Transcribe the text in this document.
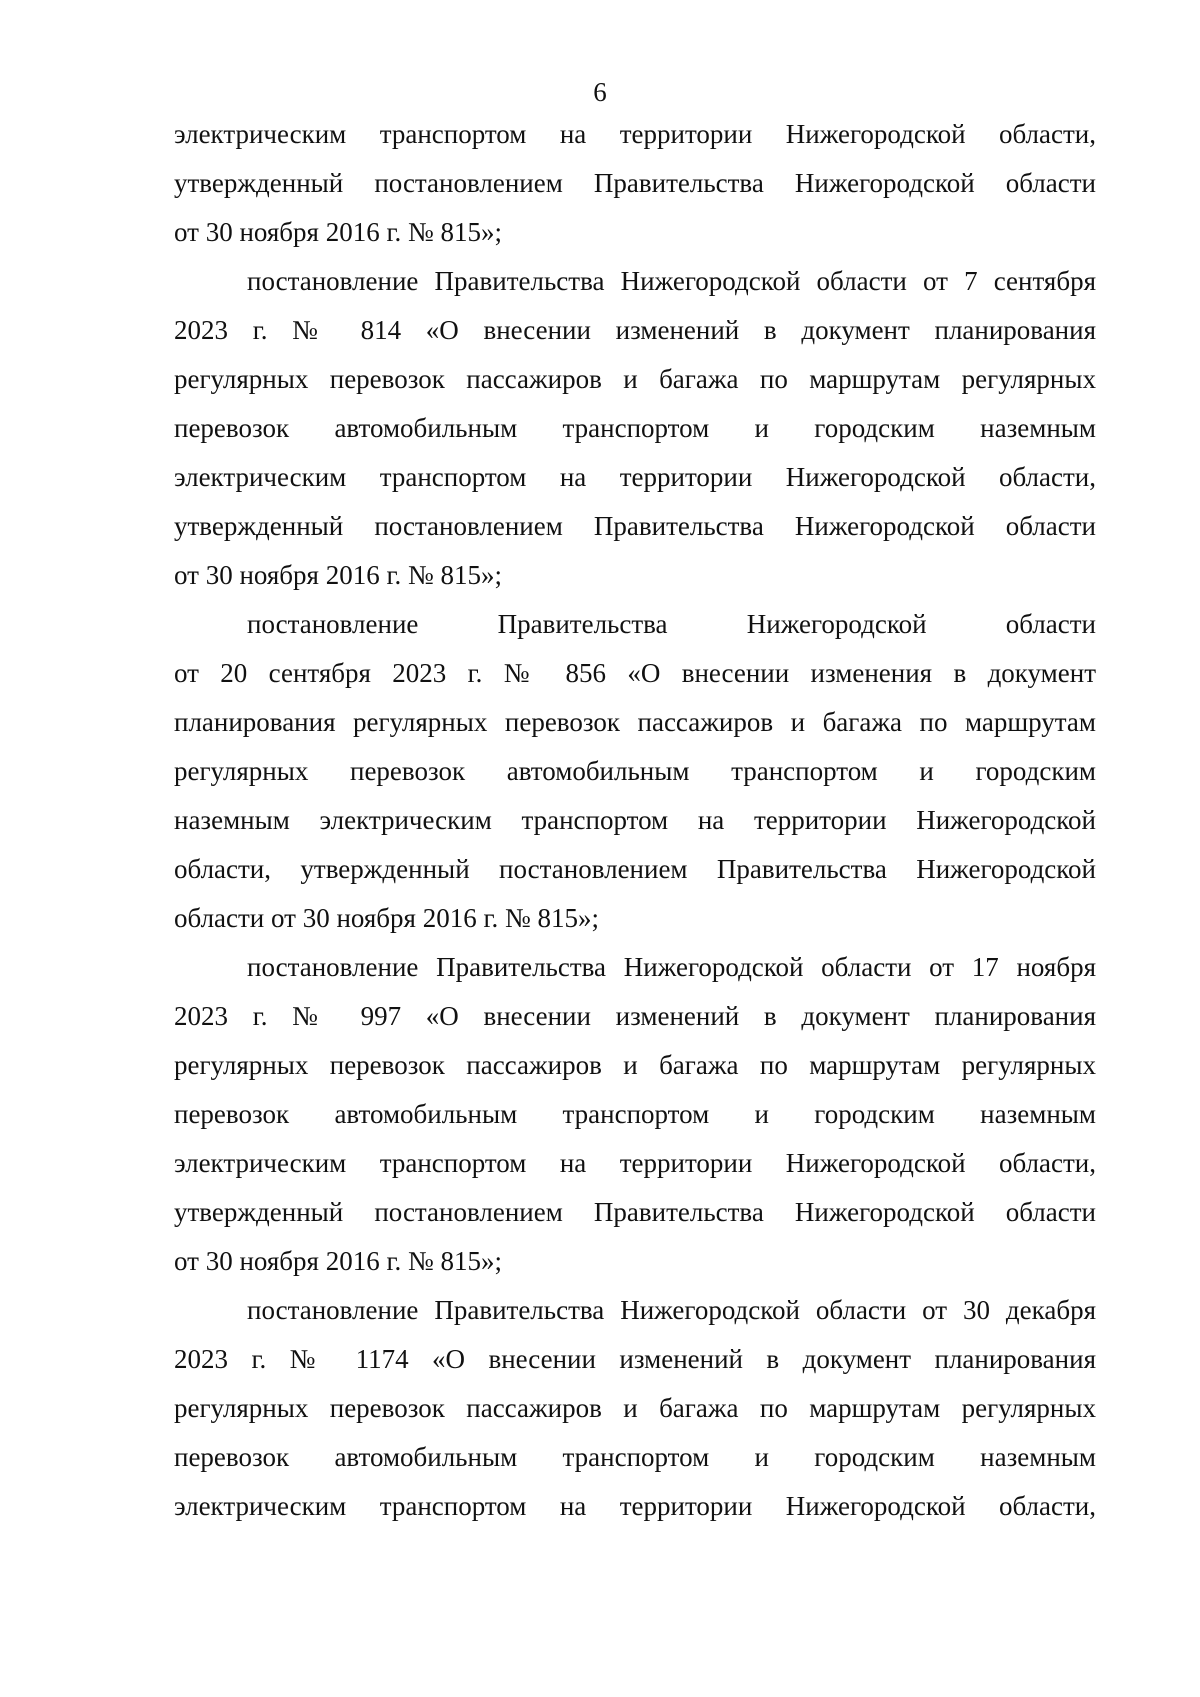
6
электрическим транспортом на территории Нижегородской области,
утвержденный постановлением Правительства Нижегородской области
от 30 ноября 2016 г. № 815»;
постановление Правительства Нижегородской области от 7 сентября
2023 г. № 814 «О внесении изменений в документ планирования
регулярных перевозок пассажиров и багажа по маршрутам регулярных
перевозок автомобильным транспортом и городским наземным
электрическим транспортом на территории Нижегородской области,
утвержденный постановлением Правительства Нижегородской области
от 30 ноября 2016 г. № 815»;
постановление Правительства Нижегородской области
от 20 сентября 2023 г. № 856 «О внесении изменения в документ
планирования регулярных перевозок пассажиров и багажа по маршрутам
регулярных перевозок автомобильным транспортом и городским
наземным электрическим транспортом на территории Нижегородской
области, утвержденный постановлением Правительства Нижегородской
области от 30 ноября 2016 г. № 815»;
постановление Правительства Нижегородской области от 17 ноября
2023 г. № 997 «О внесении изменений в документ планирования
регулярных перевозок пассажиров и багажа по маршрутам регулярных
перевозок автомобильным транспортом и городским наземным
электрическим транспортом на территории Нижегородской области,
утвержденный постановлением Правительства Нижегородской области
от 30 ноября 2016 г. № 815»;
постановление Правительства Нижегородской области от 30 декабря
2023 г. № 1174 «О внесении изменений в документ планирования
регулярных перевозок пассажиров и багажа по маршрутам регулярных
перевозок автомобильным транспортом и городским наземным
электрическим транспортом на территории Нижегородской области,
